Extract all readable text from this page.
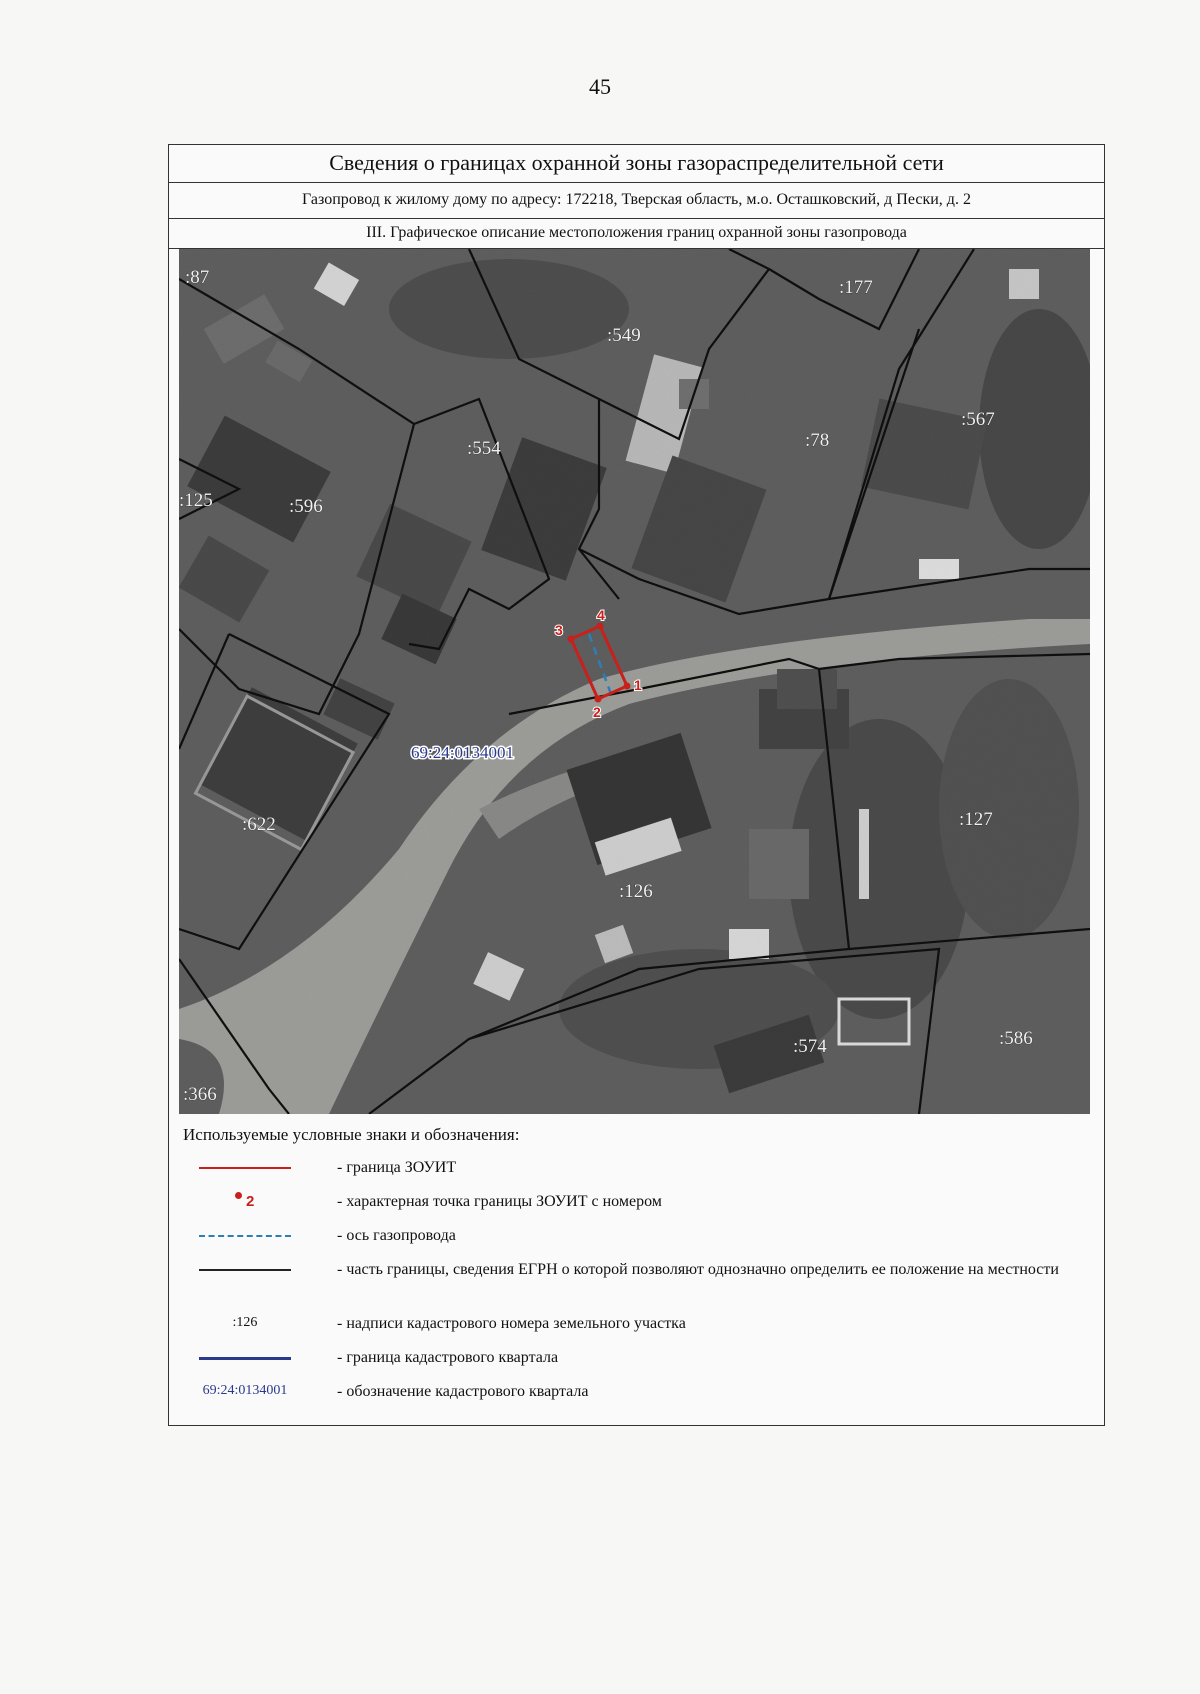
45
Сведения о границах охранной зоны газораспределительной сети
Газопровод к жилому дому по адресу: 172218, Тверская область, м.о. Осташковский, д Пески, д. 2
III. Графическое описание местоположения границ охранной зоны газопровода
1
2
3
4
:87
:549
:177
:554	:78
:567
:125	:596
:622
:126
:127
:574	:586
:366
69:24:0134001
Используемые условные знаки и обозначения:
- граница ЗОУИТ
2	- характерная точка границы ЗОУИТ с номером
- ось газопровода
- часть границы, сведения ЕГРН о которой позволяют однозначно определить ее положение на местности
:126	- надписи кадастрового номера земельного участка
- граница кадастрового квартала
69:24:0134001	- обозначение кадастрового квартала
